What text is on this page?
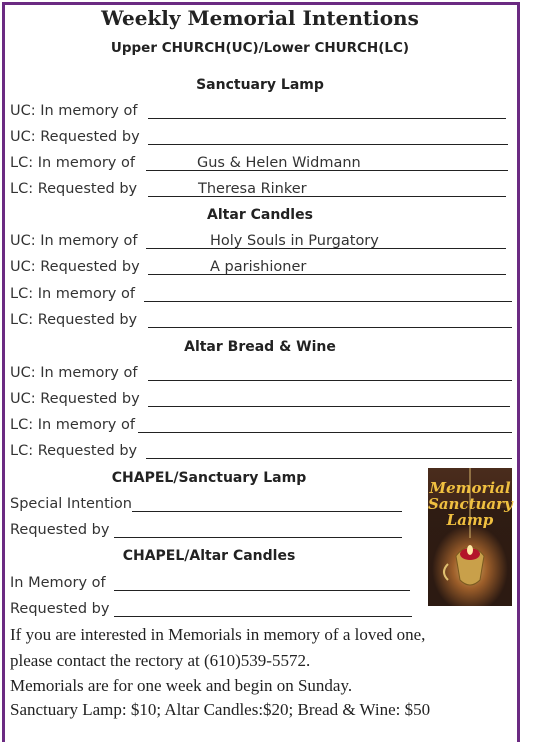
Weekly Memorial Intentions
Upper CHURCH(UC)/Lower CHURCH(LC)
Sanctuary Lamp
UC: In memory of
UC: Requested by
LC: In memory of	Gus & Helen Widmann
LC: Requested by	Theresa Rinker
Altar Candles
UC: In memory of	Holy Souls in Purgatory
UC: Requested by	A parishioner
LC: In memory of
LC: Requested by
Altar Bread & Wine
UC: In memory of
UC: Requested by
LC: In memory of
LC: Requested by
CHAPEL/Sanctuary Lamp
Special Intention
Requested by
CHAPEL/Altar Candles
In Memory of
Requested by
Memorial Sanctuary Lamp
If you are interested in Memorials in memory of a loved one,
please contact the rectory at (610)539-5572.
Memorials are for one week and begin on Sunday.
Sanctuary Lamp: $10; Altar Candles:$20; Bread & Wine: $50
